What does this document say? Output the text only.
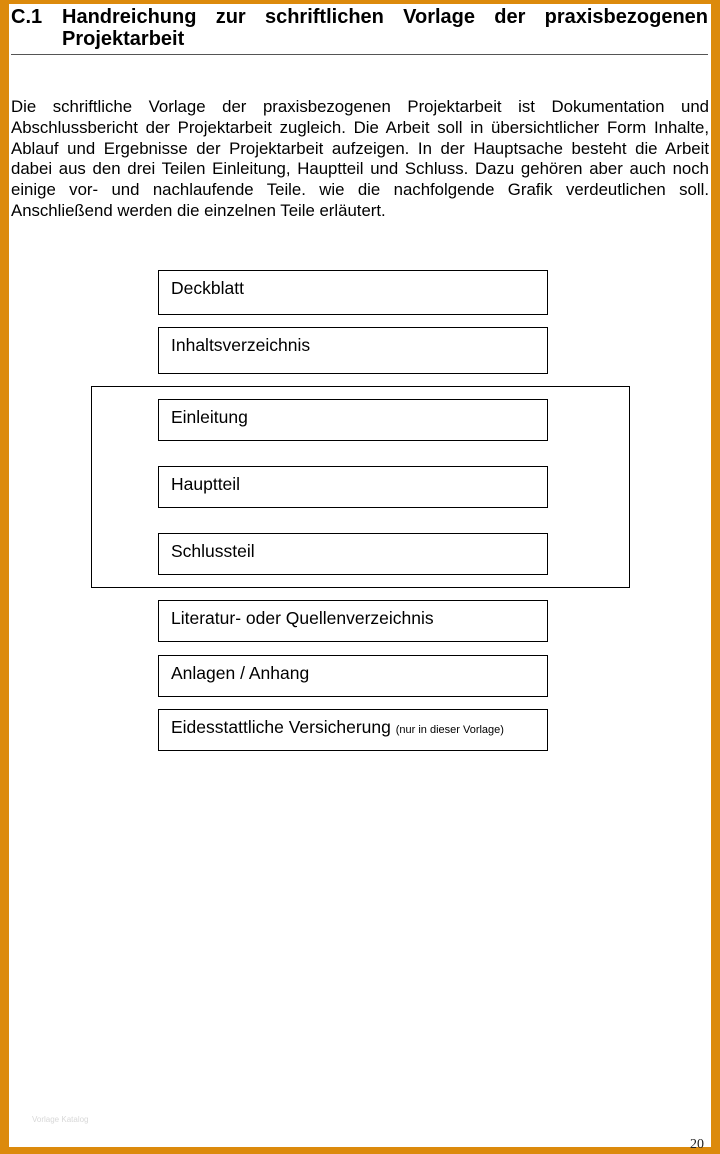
C.1 Handreichung zur schriftlichen Vorlage der praxisbezogenen Projektarbeit

Die schriftliche Vorlage der praxisbezogenen Projektarbeit ist Dokumentation und Abschlussbericht der Projektarbeit zugleich. Die Arbeit soll in übersichtlicher Form Inhalte, Ablauf und Ergebnisse der Projektarbeit aufzeigen. In der Hauptsache besteht die Arbeit dabei aus den drei Teilen Einleitung, Hauptteil und Schluss. Dazu gehören aber auch noch einige vor- und nachlaufende Teile. wie die nachfolgende Grafik verdeutlichen soll. Anschließend werden die einzelnen Teile erläutert.

Deckblatt
Inhaltsverzeichnis
Einleitung
Hauptteil
Schlussteil
Literatur- oder Quellenverzeichnis
Anlagen / Anhang
Eidesstattliche Versicherung (nur in dieser Vorlage)
Vorlage Katalog
20
